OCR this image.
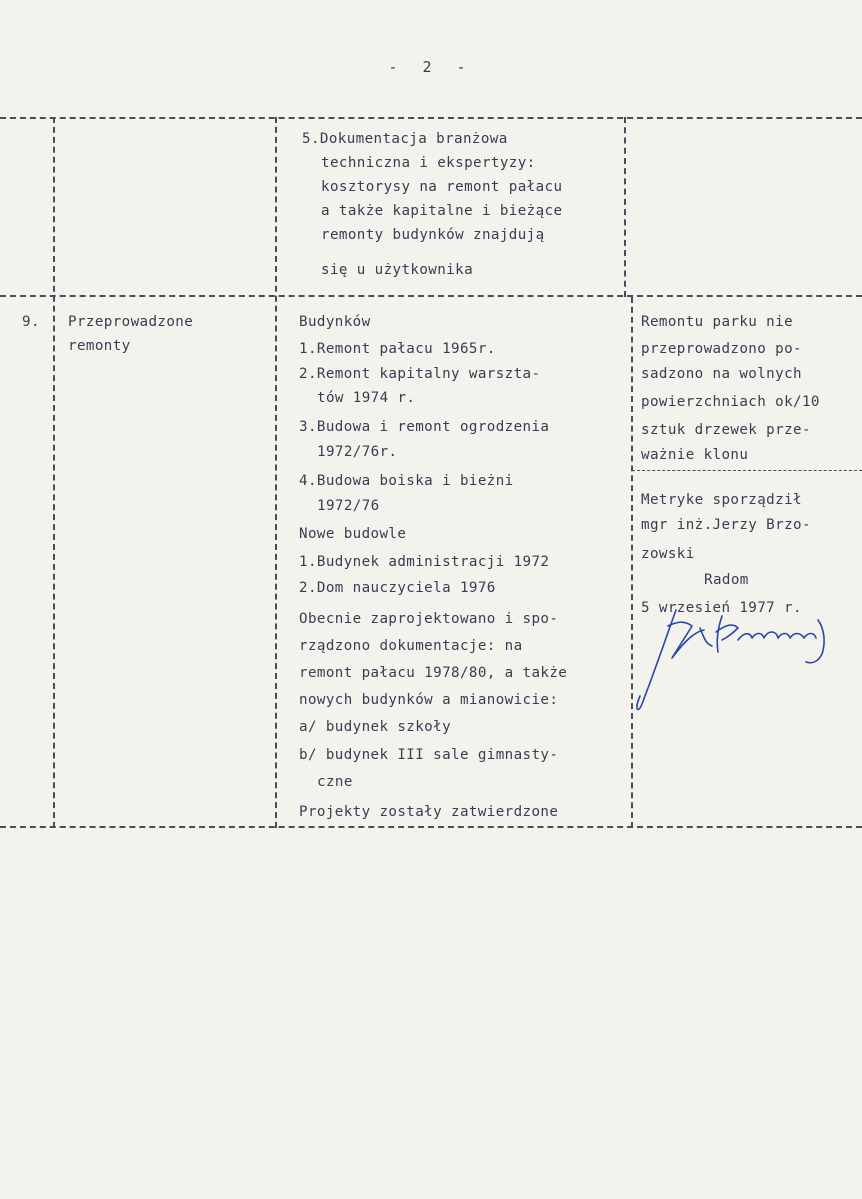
- 2 -

5.Dokumentacja branżowa

techniczna i ekspertyzy:

kosztorysy na remont pałacu

a także kapitalne i bieżące

remonty budynków znajdują

się u użytkownika

9. Przeprowadzone

remonty

Budynków

1.Remont pałacu 1965r.

2.Remont kapitalny warszta-

tów 1974 r.

3.Budowa i remont ogrodzenia

1972/76r.

4.Budowa boiska i bieżni

1972/76

Nowe budowle

1.Budynek administracji 1972

2.Dom nauczyciela 1976

Obecnie zaprojektowano i spo-

rządzono dokumentacje: na

remont pałacu 1978/80, a także

nowych budynków a mianowicie:

a/ budynek szkoły

b/ budynek III sale gimnasty-

czne

Projekty zostały zatwierdzone

Remontu parku nie

przeprowadzono po-

sadzono na wolnych

powierzchniach ok/10

sztuk drzewek prze-

ważnie klonu

Metryke sporządził

mgr inż.Jerzy Brzo-

zowski

Radom

5 wrzesień 1977 r.
